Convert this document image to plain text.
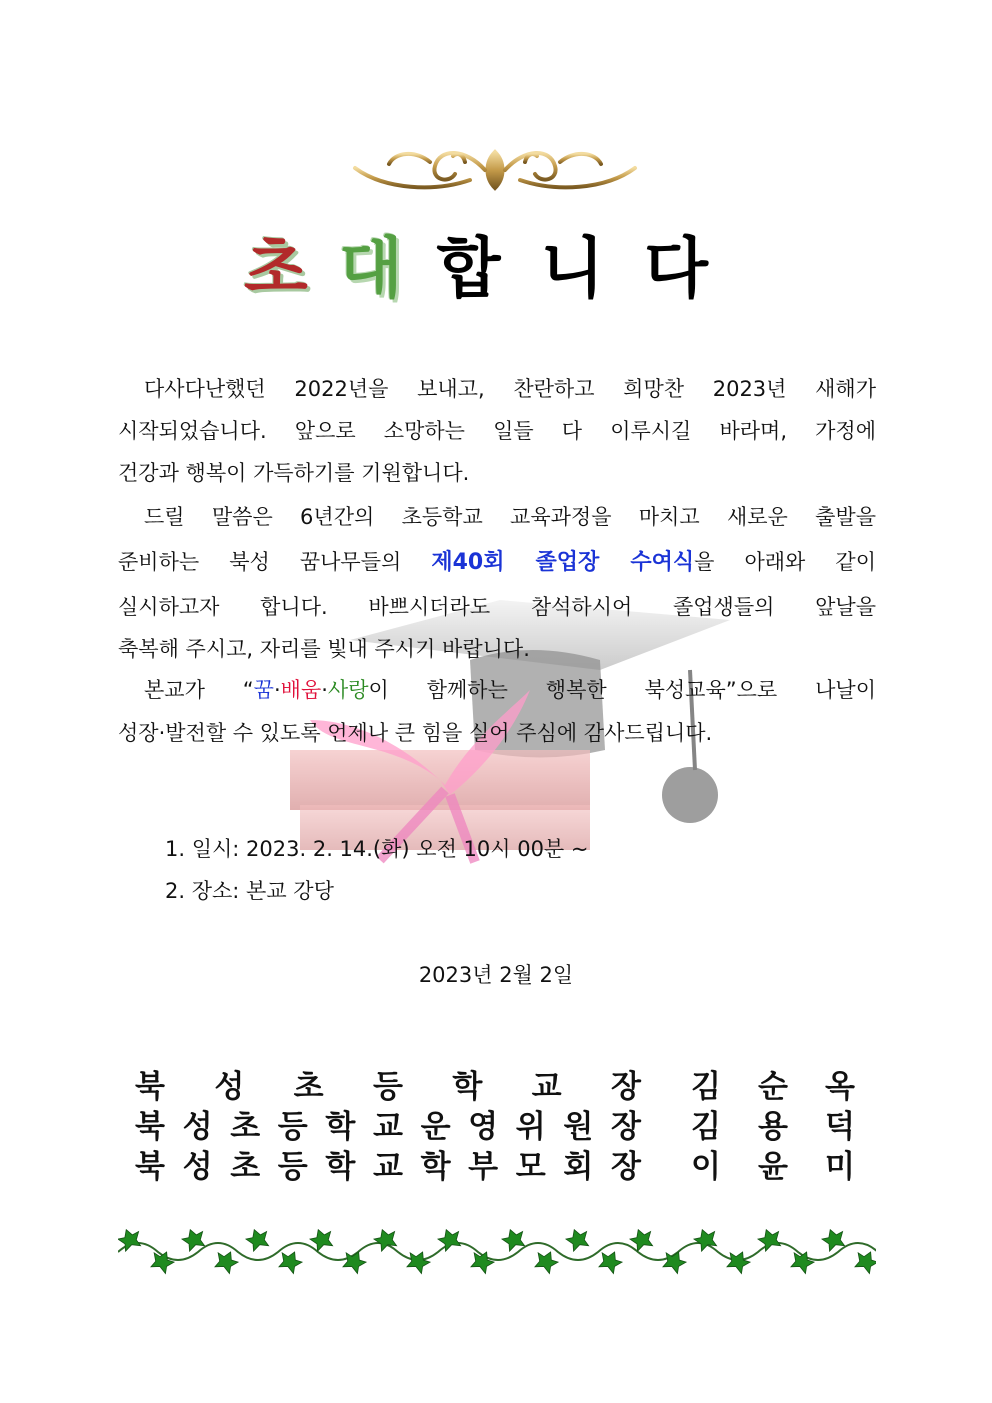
초 대 합니다
다사다난했던 2022년을 보내고, 찬란하고 희망찬 2023년 새해가
시작되었습니다. 앞으로 소망하는 일들 다 이루시길 바라며, 가정에
건강과 행복이 가득하기를 기원합니다.
드릴 말씀은 6년간의 초등학교 교육과정을 마치고 새로운 출발을
준비하는 북성 꿈나무들의 제40회 졸업장 수여식을 아래와 같이
실시하고자 합니다. 바쁘시더라도 참석하시어 졸업생들의 앞날을
축복해 주시고, 자리를 빛내 주시기 바랍니다.
본교가 “꿈·배움·사랑이 함께하는 행복한 북성교육”으로 나날이
성장·발전할 수 있도록 언제나 큰 힘을 실어 주심에 감사드립니다.
1. 일시: 2023. 2. 14.(화) 오전 10시 00분 ~
2. 장소: 본교 강당
2023년 2월 2일
북 성 초 등 학 교 장 김 순 옥
북 성 초 등 학 교 운 영 위 원 장 김 용 덕
북 성 초 등 학 교 학 부 모 회 장 이 윤 미
